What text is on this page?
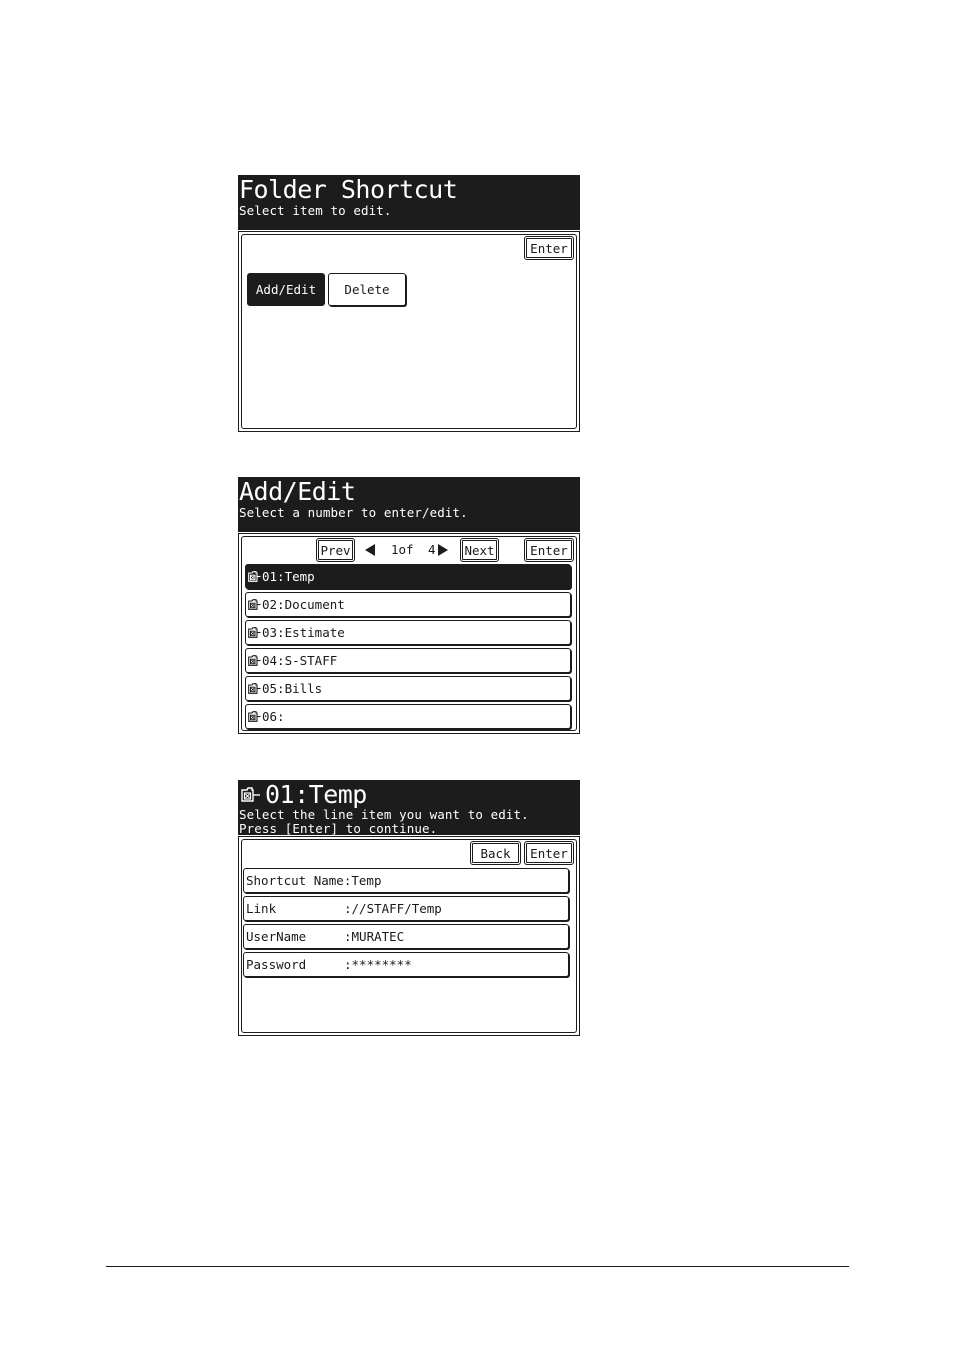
Folder Shortcut
Select item to edit.
Enter
Add/Edit	Delete
Add/Edit
Select a number to enter/edit.
Prev	1of 4	Next	Enter
01:Temp
02:Document
03:Estimate
04:S-STAFF
05:Bills
06:
01:Temp
Select the line item you want to edit.
Press [Enter] to continue.
Back	Enter
Shortcut Name :Temp
Link	://STAFF/Temp
UserName	:MURATEC
Password	:********
